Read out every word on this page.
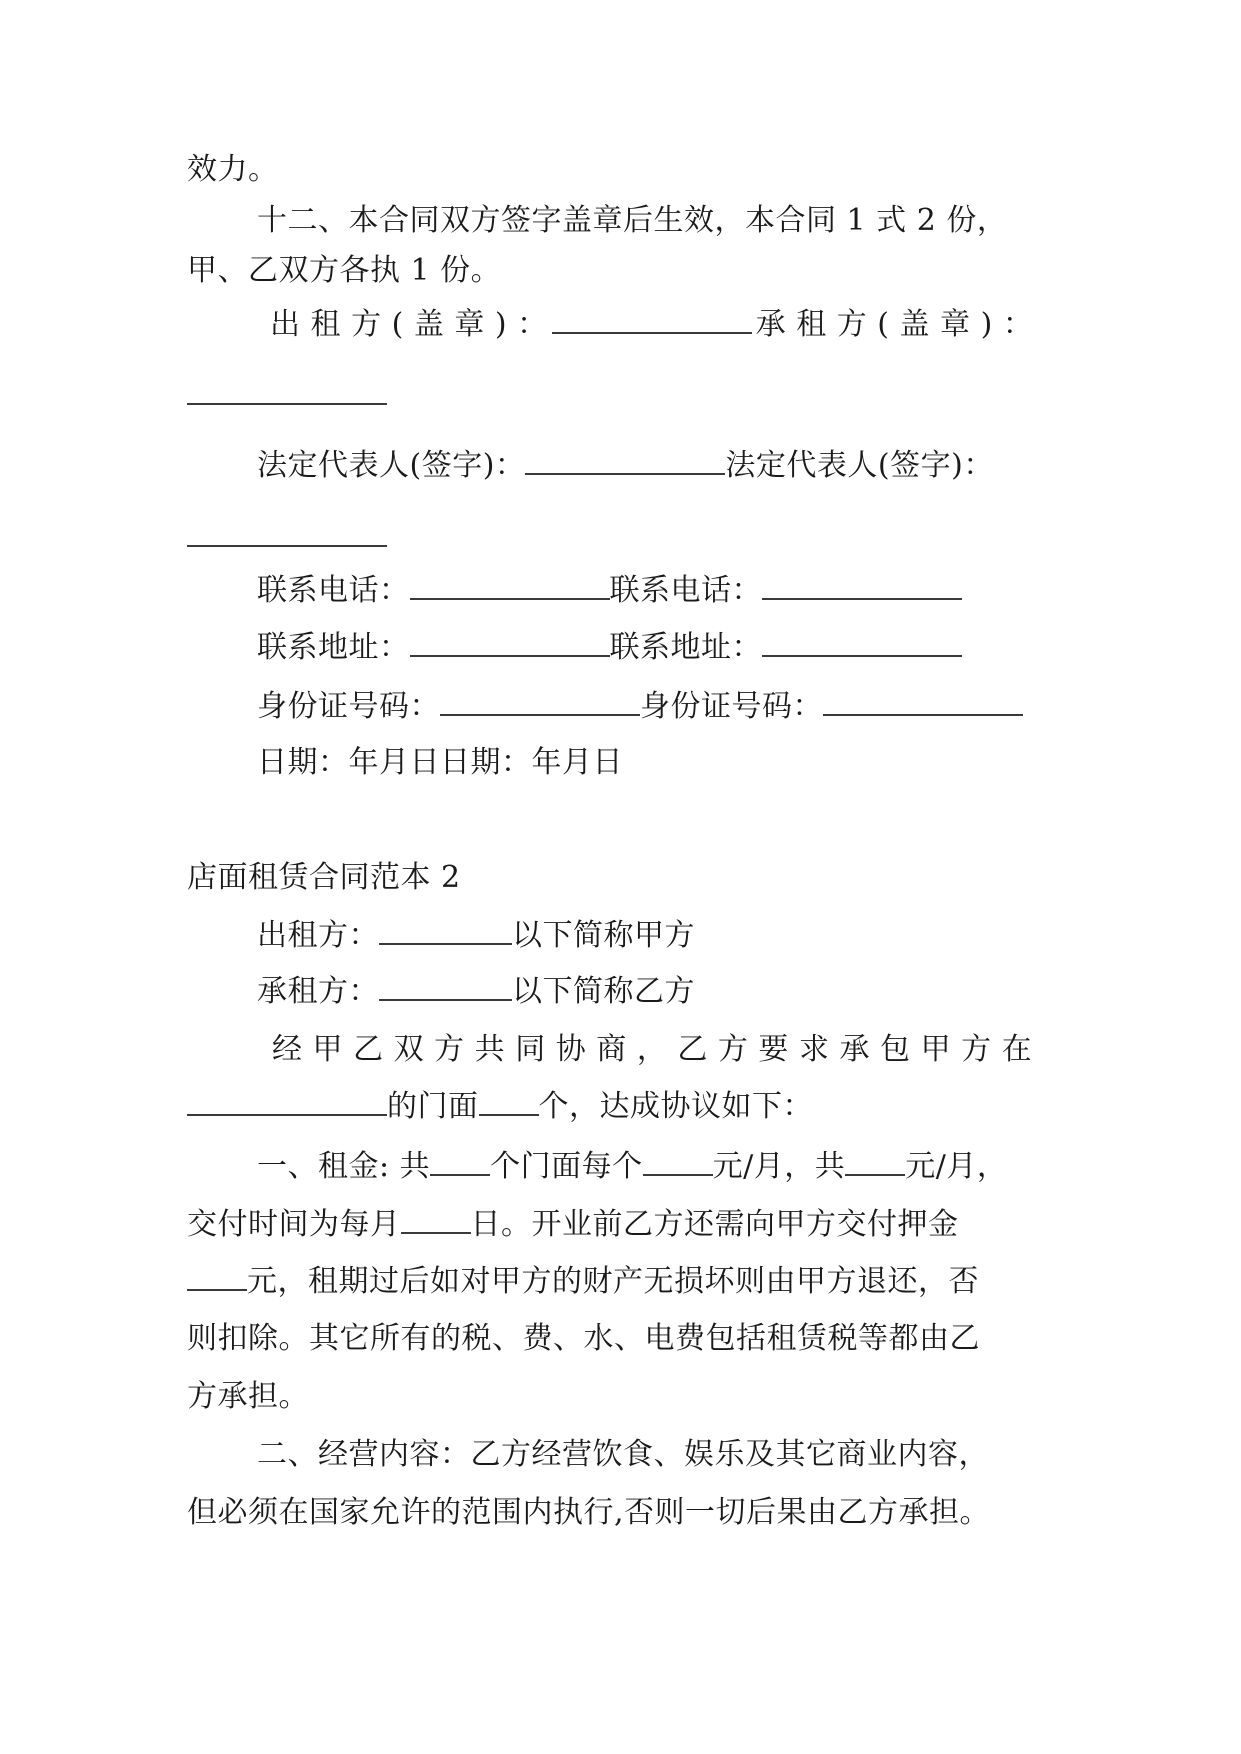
效力。
十二、本合同双方签字盖章后生效，本合同 1 式 2 份，
甲、乙双方各执 1 份。
出 租 方 ( 盖 章 ) ：	承 租 方 ( 盖 章 ) ：
法定代表人(签字)：	法定代表人(签字)：
联系电话：	联系电话：
联系地址：	联系地址：
身份证号码：	身份证号码：
日期：年月日日期：年月日
店面租赁合同范本 2
出租方：	以下简称甲方
承租方：	以下简称乙方
经 甲 乙 双 方 共 同 协 商 ， 乙 方 要 求 承 包 甲 方 在
的门面 个，达成协议如下：
一、租金: 共 个门面每个 元/月，共 元/月，
交付时间为每月 日。开业前乙方还需向甲方交付押金
元，租期过后如对甲方的财产无损坏则由甲方退还，否
则扣除。其它所有的税、费、水、电费包括租赁税等都由乙
方承担。
二、经营内容：乙方经营饮食、娱乐及其它商业内容，
但必须在国家允许的范围内执行,否则一切后果由乙方承担。
